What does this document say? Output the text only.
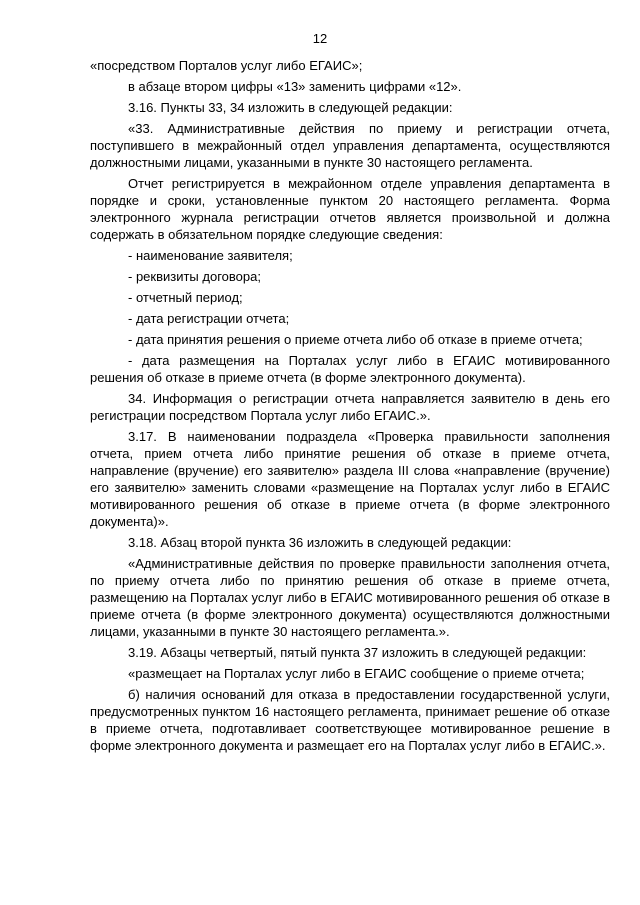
12

«посредством Порталов услуг либо ЕГАИС»;

в абзаце втором цифры «13» заменить цифрами «12».

3.16. Пункты 33, 34 изложить в следующей редакции:

«33. Административные действия по приему и регистрации отчета, поступившего в межрайонный отдел управления департамента, осуществляются должностными лицами, указанными в пункте 30 настоящего регламента.

Отчет регистрируется в межрайонном отделе управления департамента в порядке и сроки, установленные пунктом 20 настоящего регламента. Форма электронного журнала регистрации отчетов является произвольной и должна содержать в обязательном порядке следующие сведения:

- наименование заявителя;

- реквизиты договора;

- отчетный период;

- дата регистрации отчета;

- дата принятия решения о приеме отчета либо об отказе в приеме отчета;

- дата размещения на Порталах услуг либо в ЕГАИС мотивированного решения об отказе в приеме отчета (в форме электронного документа).

34. Информация о регистрации отчета направляется заявителю в день его регистрации посредством Портала услуг либо ЕГАИС.».

3.17. В наименовании подраздела «Проверка правильности заполнения отчета, прием отчета либо принятие решения об отказе в приеме отчета, направление (вручение) его заявителю» раздела III слова «направление (вручение) его заявителю» заменить словами «размещение на Порталах услуг либо в ЕГАИС мотивированного решения об отказе в приеме отчета (в форме электронного документа)».

3.18. Абзац второй пункта 36 изложить в следующей редакции:

«Административные действия по проверке правильности заполнения отчета, по приему отчета либо по принятию решения об отказе в приеме отчета, размещению на Порталах услуг либо в ЕГАИС мотивированного решения об отказе в приеме отчета (в форме электронного документа) осуществляются должностными лицами, указанными в пункте 30 настоящего регламента.».

3.19. Абзацы четвертый, пятый пункта 37 изложить в следующей редакции:

«размещает на Порталах услуг либо в ЕГАИС сообщение о приеме отчета;

б) наличия оснований для отказа в предоставлении государственной услуги, предусмотренных пунктом 16 настоящего регламента, принимает решение об отказе в приеме отчета, подготавливает соответствующее мотивированное решение в форме электронного документа и размещает его на Порталах услуг либо в ЕГАИС.».
